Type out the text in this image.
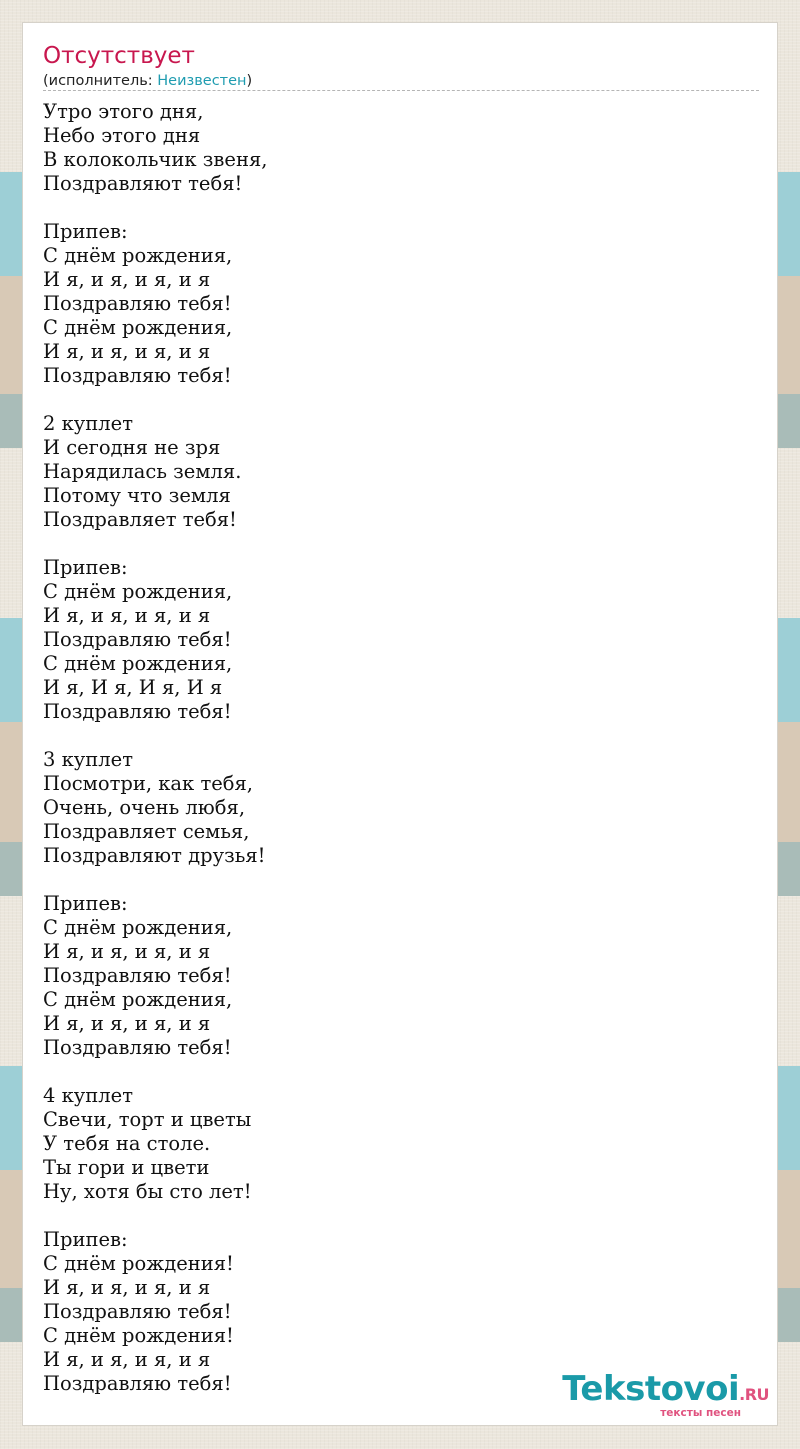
Отсутствует
(исполнитель: Неизвестен)
Утро этого дня,
Небо этого дня
В колокольчик звеня,
Поздравляют тебя!
Припев:
С днём рождения,
И я, и я, и я, и я
Поздравляю тебя!
С днём рождения,
И я, и я, и я, и я
Поздравляю тебя!
2 куплет
И сегодня не зря
Нарядилась земля.
Потому что земля
Поздравляет тебя!
Припев:
С днём рождения,
И я, и я, и я, и я
Поздравляю тебя!
С днём рождения,
И я, И я, И я, И я
Поздравляю тебя!
3 куплет
Посмотри, как тебя,
Очень, очень любя,
Поздравляет семья,
Поздравляют друзья!
Припев:
С днём рождения,
И я, и я, и я, и я
Поздравляю тебя!
С днём рождения,
И я, и я, и я, и я
Поздравляю тебя!
4 куплет
Свечи, торт и цветы
У тебя на столе.
Ты гори и цвети
Ну, хотя бы сто лет!
Припев:
С днём рождения!
И я, и я, и я, и я
Поздравляю тебя!
С днём рождения!
И я, и я, и я, и я
Поздравляю тебя!	Tekstovoi.RU
тексты песен
